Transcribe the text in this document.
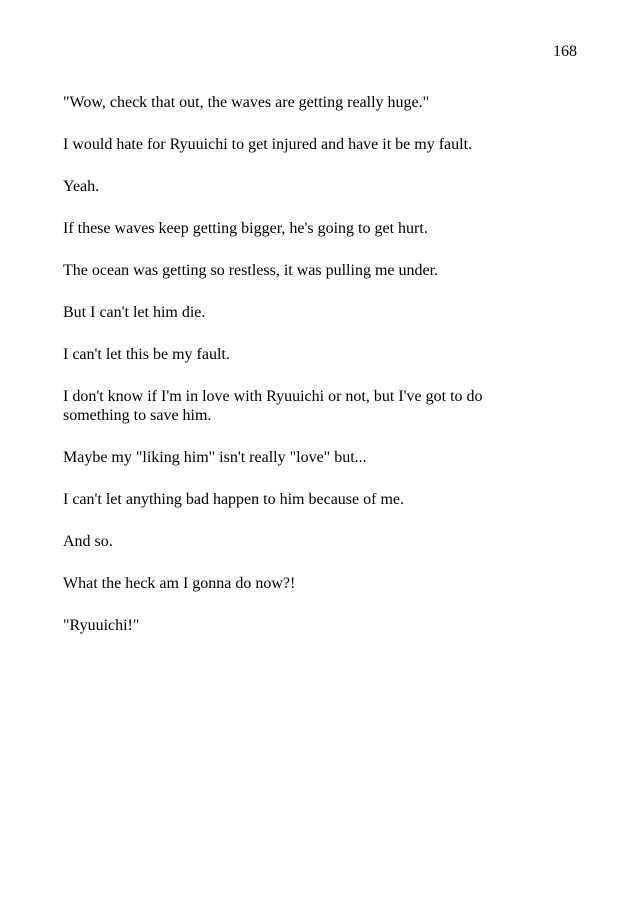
168

"Wow, check that out, the waves are getting really huge."

I would hate for Ryuuichi to get injured and have it be my fault.

Yeah.

If these waves keep getting bigger, he's going to get hurt.

The ocean was getting so restless, it was pulling me under.

But I can't let him die.

I can't let this be my fault.

I don't know if I'm in love with Ryuuichi or not, but I've got to do something to save him.

Maybe my "liking him" isn't really "love" but...

I can't let anything bad happen to him because of me.

And so.

What the heck am I gonna do now?!

"Ryuuichi!"
